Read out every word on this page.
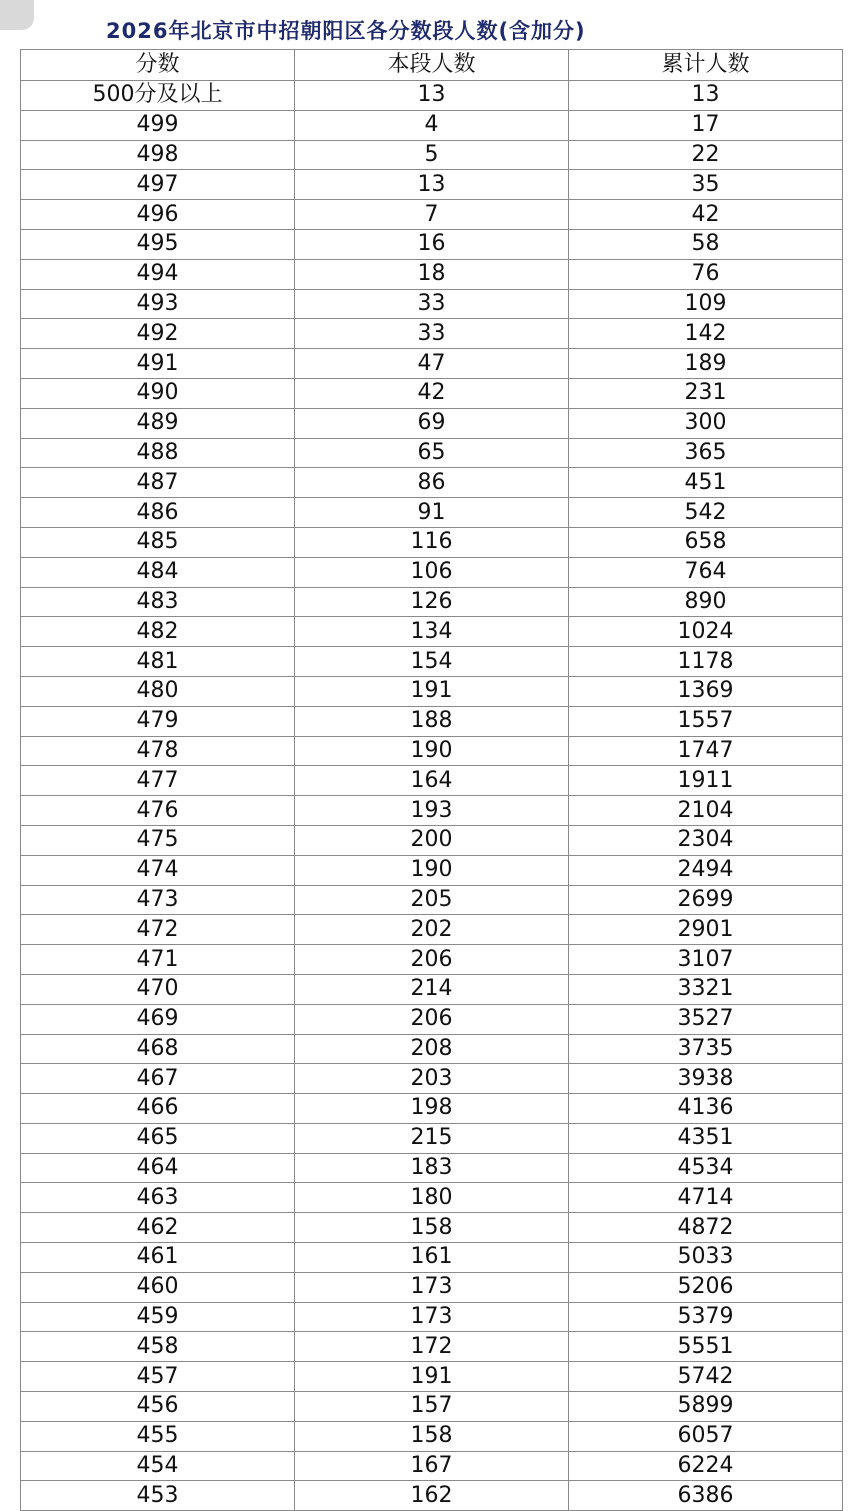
2026年北京市中招朝阳区各分数段人数(含加分)
分数	本段人数	累计人数
500分及以上	13	13
499	4	17
498	5	22
497	13	35
496	7	42
495	16	58
494	18	76
493	33	109
492	33	142
491	47	189
490	42	231
489	69	300
488	65	365
487	86	451
486	91	542
485	116	658
484	106	764
483	126	890
482	134	1024
481	154	1178
480	191	1369
479	188	1557
478	190	1747
477	164	1911
476	193	2104
475	200	2304
474	190	2494
473	205	2699
472	202	2901
471	206	3107
470	214	3321
469	206	3527
468	208	3735
467	203	3938
466	198	4136
465	215	4351
464	183	4534
463	180	4714
462	158	4872
461	161	5033
460	173	5206
459	173	5379
458	172	5551
457	191	5742
456	157	5899
455	158	6057
454	167	6224
453	162	6386
